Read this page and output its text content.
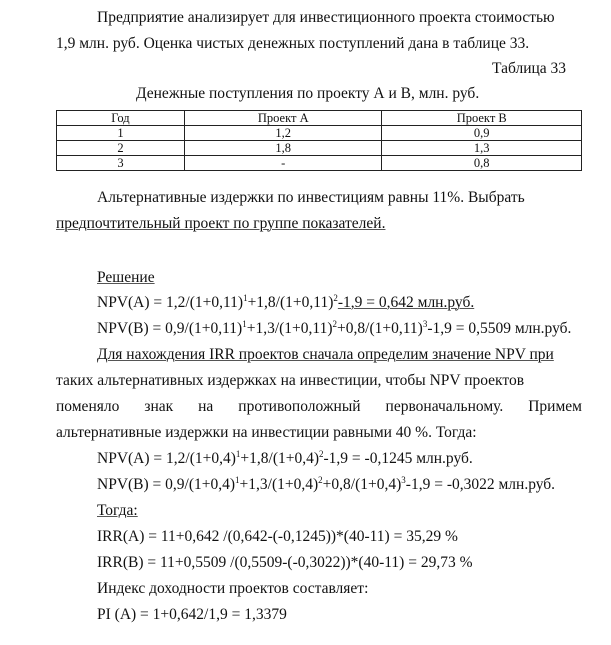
Предприятие анализирует для инвестиционного проекта стоимостью
1,9 млн. руб. Оценка чистых денежных поступлений дана в таблице 33.
Таблица 33
Денежные поступления по проекту А и В, млн. руб.
Год	Проект А	Проект В
1	1,2	0,9
2	1,8	1,3
3	-	0,8
Альтернативные издержки по инвестициям равны 11%. Выбрать
предпочтительный проект по группе показателей.
Решение
$NPV(A) = 1,2/(1+0,11)^1+1,8/(1+0,11)^2-1,9 = 0,642$ млн.руб.
$NPV(B) = 0,9/(1+0,11)^1+1,3/(1+0,11)^2+0,8/(1+0,11)^3-1,9 = 0,5509$ млн.руб.
Для нахождения IRR проектов сначала определим значение NPV при
таких альтернативных издержках на инвестиции, чтобы NPV проектов
поменяло знак на противоположный первоначальному. Примем
альтернативные издержки на инвестиции равными 40 %. Тогда:
$NPV(A) = 1,2/(1+0,4)^1+1,8/(1+0,4)^2-1,9 = -0,1245$ млн.руб.
$NPV(B) = 0,9/(1+0,4)^1+1,3/(1+0,4)^2+0,8/(1+0,4)^3-1,9 = -0,3022$ млн.руб.
Тогда:
IRR(A) = 11+0,642 /(0,642-(-0,1245))*(40-11) = 35,29 %
IRR(B) = 11+0,5509 /(0,5509-(-0,3022))*(40-11) = 29,73 %
Индекс доходности проектов составляет:
PI (A) = 1+0,642/1,9 = 1,3379
